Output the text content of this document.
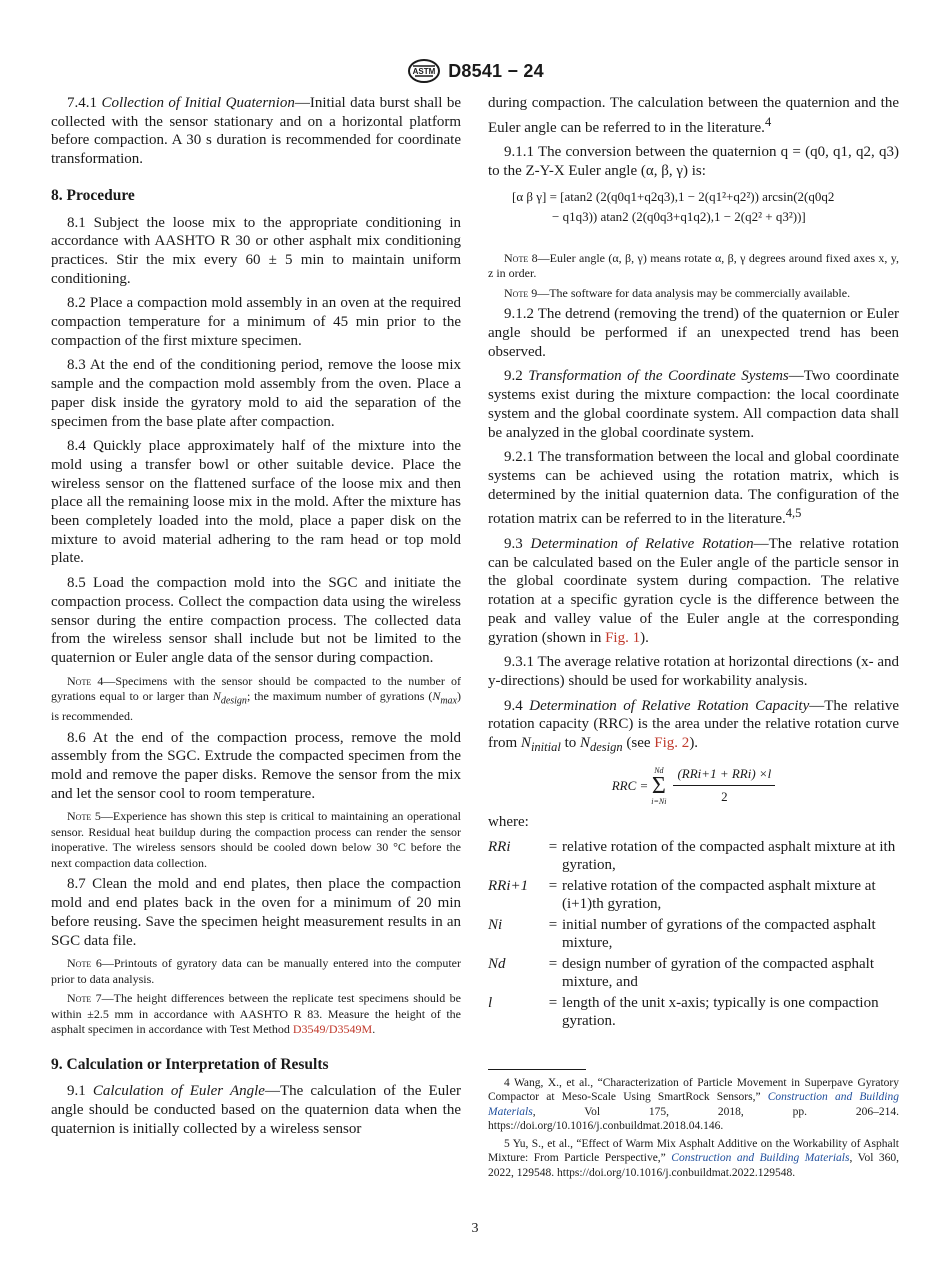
ASTM D8541 − 24

7.4.1 Collection of Initial Quaternion—Initial data burst shall be collected with the sensor stationary and on a horizontal platform before compaction. A 30 s duration is recommended for coordinate transformation.

8. Procedure

8.1 Subject the loose mix to the appropriate conditioning in accordance with AASHTO R 30 or other asphalt mix conditioning practices. Stir the mix every 60 ± 5 min to maintain uniform conditioning.

8.2 Place a compaction mold assembly in an oven at the required compaction temperature for a minimum of 45 min prior to the compaction of the first mixture specimen.

8.3 At the end of the conditioning period, remove the loose mix sample and the compaction mold assembly from the oven. Place a paper disk inside the gyratory mold to aid the separation of the specimen from the base plate after compaction.

8.4 Quickly place approximately half of the mixture into the mold using a transfer bowl or other suitable device. Place the wireless sensor on the flattened surface of the loose mix and then place all the remaining loose mix in the mold. After the mixture has been completely loaded into the mold, place a paper disk on the mixture to avoid material adhering to the ram head or top mold plate.

8.5 Load the compaction mold into the SGC and initiate the compaction process. Collect the compaction data using the wireless sensor during the entire compaction process. The collected data from the wireless sensor shall include but not be limited to the quaternion or Euler angle data of the sensor during compaction.

Note 4—Specimens with the sensor should be compacted to the number of gyrations equal to or larger than $N_{design}$; the maximum number of gyrations $(N_{max})$ is recommended.

8.6 At the end of the compaction process, remove the mold assembly from the SGC. Extrude the compacted specimen from the mold and remove the paper disks. Remove the sensor from the mix and let the sensor cool to room temperature.

Note 5—Experience has shown this step is critical to maintaining an operational sensor. Residual heat buildup during the compaction process can render the sensor inoperative. The wireless sensors should be cooled down below 30 °C before the next compaction data collection.

8.7 Clean the mold and end plates, then place the compaction mold and end plates back in the oven for a minimum of 20 min before reusing. Save the specimen height measurement results in an SGC data file.

Note 6—Printouts of gyratory data can be manually entered into the computer prior to data analysis.

Note 7—The height differences between the replicate test specimens should be within ±2.5 mm in accordance with AASHTO R 83. Measure the height of the asphalt specimen in accordance with Test Method D3549/D3549M.

9. Calculation or Interpretation of Results

9.1 Calculation of Euler Angle—The calculation of the Euler angle should be conducted based on the quaternion data when the quaternion is initially collected by a wireless sensor

during compaction. The calculation between the quaternion and the Euler angle can be referred to in the literature.$^4$

9.1.1 The conversion between the quaternion q = (q0, q1, q2, q3) to the Z-Y-X Euler angle (α, β, γ) is:

[α β γ] = [atan2 (2(q0q1+q2q3),1 − 2(q1²+q2²)) arcsin(2(q0q2
− q1q3)) atan2 (2(q0q3+q1q2),1 − 2(q2² + q3²))]

Note 8—Euler angle (α, β, γ) means rotate α, β, γ degrees around fixed axes x, y, z in order.

Note 9—The software for data analysis may be commercially available.

9.1.2 The detrend (removing the trend) of the quaternion or Euler angle should be performed if an unexpected trend has been observed.

9.2 Transformation of the Coordinate Systems—Two coordinate systems exist during the mixture compaction: the local coordinate system and the global coordinate system. All compaction data shall be analyzed in the global coordinate system.

9.2.1 The transformation between the local and global coordinate systems can be achieved using the rotation matrix, which is determined by the initial quaternion data. The configuration of the rotation matrix can be referred to in the literature.$^{4,5}$

9.3 Determination of Relative Rotation—The relative rotation can be calculated based on the Euler angle of the particle sensor in the global coordinate system during compaction. The relative rotation at a specific gyration cycle is the difference between the peak and valley value of the Euler angle at the corresponding gyration (shown in Fig. 1).

9.3.1 The average relative rotation at horizontal directions (x- and y-directions) should be used for workability analysis.

9.4 Determination of Relative Rotation Capacity—The relative rotation capacity (RRC) is the area under the relative rotation curve from $N_{initial}$ to $N_{design}$ (see Fig. 2).

RRC =
Nd
Σ
$i=Ni \frac{\text{(RRi+1 + RRi) ×l}}{2}$

where:

RRi	=	relative rotation of the compacted asphalt mixture at ith gyration,
RRi+1	=	relative rotation of the compacted asphalt mixture at (i+1)th gyration,
Ni	=	initial number of gyrations of the compacted asphalt mixture,
Nd	=	design number of gyration of the compacted asphalt mixture, and
l	=	length of the unit x-axis; typically is one compaction gyration.

4 Wang, X., et al., “Characterization of Particle Movement in Superpave Gyratory Compactor at Meso-Scale Using SmartRock Sensors,” Construction and Building Materials, Vol 175, 2018, pp. 206–214. https://doi.org/10.1016/j.conbuildmat.2018.04.146.

5 Yu, S., et al., “Effect of Warm Mix Asphalt Additive on the Workability of Asphalt Mixture: From Particle Perspective,” Construction and Building Materials, Vol 360, 2022, 129548. https://doi.org/10.1016/j.conbuildmat.2022.129548.

3
